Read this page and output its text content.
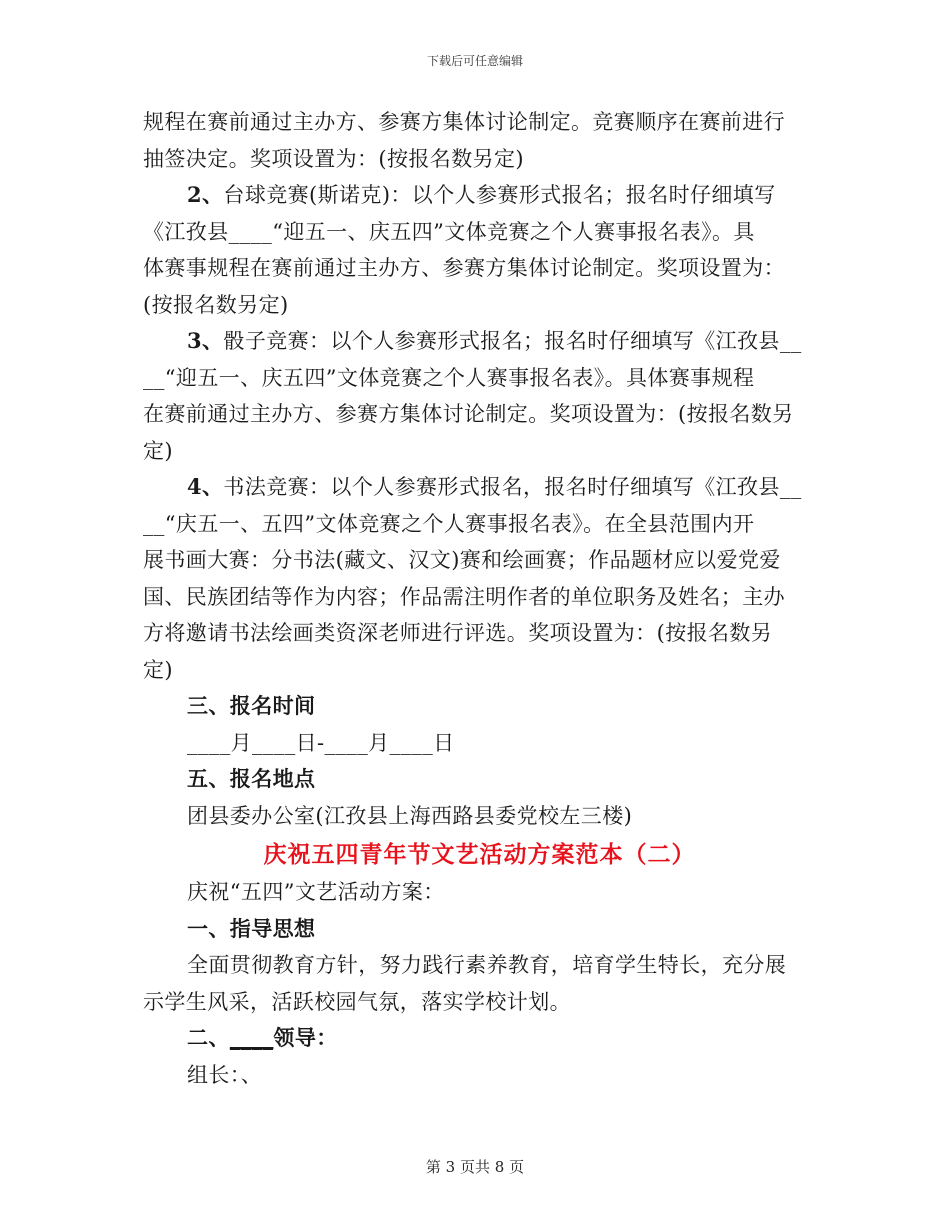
下载后可任意编辑
规程在赛前通过主办方、参赛方集体讨论制定。竞赛顺序在赛前进行
抽签决定。奖项设置为：(按报名数另定)
2、台球竞赛(斯诺克)：以个人参赛形式报名；报名时仔细填写
《江孜县____“迎五一、庆五四”文体竞赛之个人赛事报名表》。具
体赛事规程在赛前通过主办方、参赛方集体讨论制定。奖项设置为：
(按报名数另定)
3、骰子竞赛：以个人参赛形式报名；报名时仔细填写《江孜县__
__“迎五一、庆五四”文体竞赛之个人赛事报名表》。具体赛事规程
在赛前通过主办方、参赛方集体讨论制定。奖项设置为：(按报名数另
定)
4、书法竞赛：以个人参赛形式报名，报名时仔细填写《江孜县__
__“庆五一、五四”文体竞赛之个人赛事报名表》。在全县范围内开
展书画大赛：分书法(藏文、汉文)赛和绘画赛；作品题材应以爱党爱
国、民族团结等作为内容；作品需注明作者的单位职务及姓名；主办
方将邀请书法绘画类资深老师进行评选。奖项设置为：(按报名数另
定)
三、报名时间
____月____日-____月____日
五、报名地点
团县委办公室(江孜县上海西路县委党校左三楼)
庆祝五四青年节文艺活动方案范本（二）
庆祝“五四”文艺活动方案：
一、指导思想
全面贯彻教育方针，努力践行素养教育，培育学生特长，充分展
示学生风采，活跃校园气氛，落实学校计划。
二、____领导：
组长：、
第 3 页共 8 页
